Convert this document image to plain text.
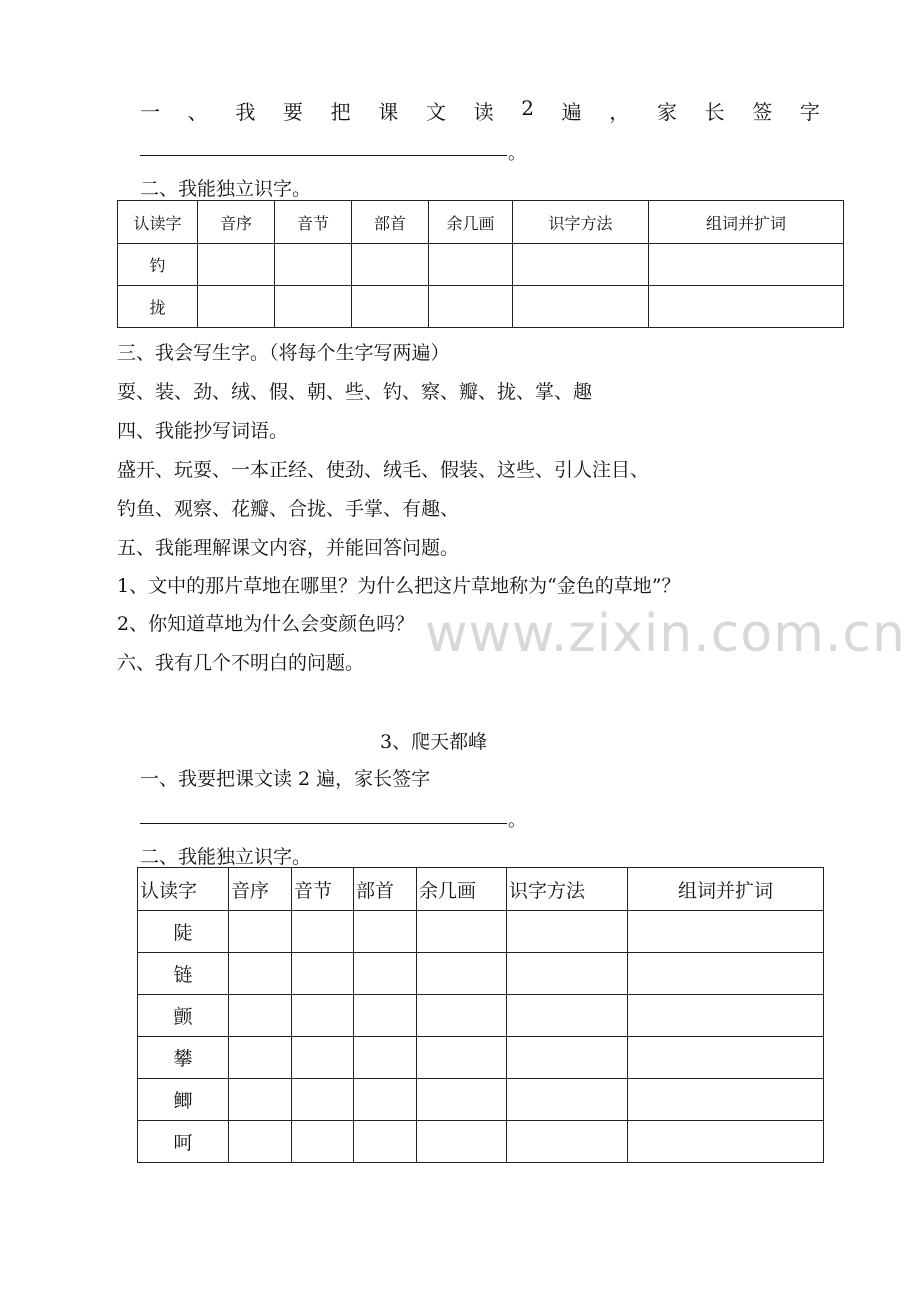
一 、 我 要 把 课 文 读 2 遍 ， 家 长 签 字
。
二、我能独立识字。
认读字	音序	音节	部首	余几画	识字方法	组词并扩词
钓						
拢						
三、我会写生字。（将每个生字写两遍）
耍、装、劲、绒、假、朝、些、钓、察、瓣、拢、掌、趣
四、我能抄写词语。
盛开、玩耍、一本正经、使劲、绒毛、假装、这些、引人注目、
钓鱼、观察、花瓣、合拢、手掌、有趣、
五、我能理解课文内容，并能回答问题。
1、文中的那片草地在哪里？为什么把这片草地称为“金色的草地”？
2、你知道草地为什么会变颜色吗？
六、我有几个不明白的问题。 www.zixin.com.cn
3、爬天都峰
一、我要把课文读 2 遍，家长签字
。
二、我能独立识字。
认读字	音序	音节	部首	余几画	识字方法	组词并扩词
陡						
链						
颤						
攀						
鲫						
呵						
